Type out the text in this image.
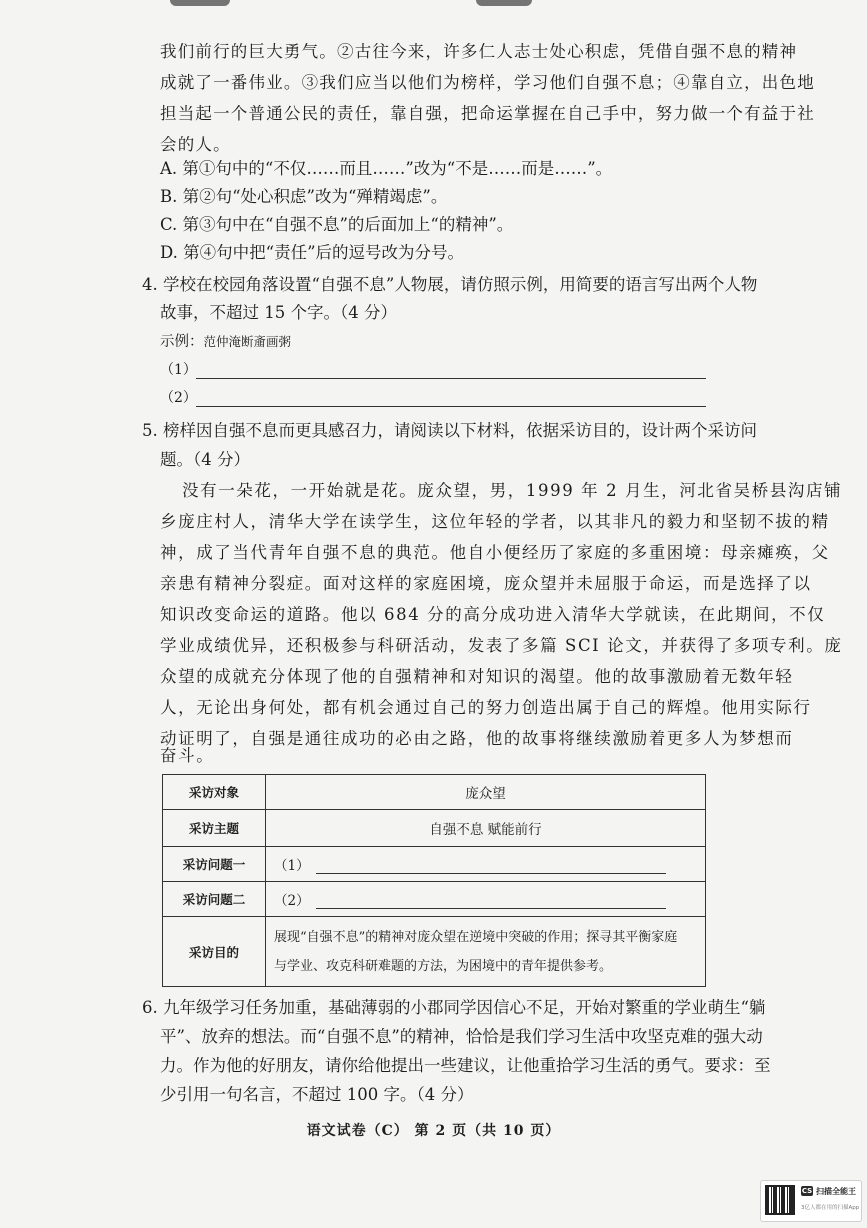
我们前行的巨大勇气。②古往今来，许多仁人志士处心积虑，凭借自强不息的精神
成就了一番伟业。③我们应当以他们为榜样，学习他们自强不息；④靠自立，出色地
担当起一个普通公民的责任，靠自强，把命运掌握在自己手中，努力做一个有益于社
会的人。
A. 第①句中的“不仅……而且……”改为“不是……而是……”。
B. 第②句“处心积虑”改为“殚精竭虑”。
C. 第③句中在“自强不息”的后面加上“的精神”。
D. 第④句中把“责任”后的逗号改为分号。
4. 学校在校园角落设置“自强不息”人物展，请仿照示例，用简要的语言写出两个人物
故事，不超过 15 个字。（4 分）
示例：范仲淹断齑画粥
（1）
（2）
5. 榜样因自强不息而更具感召力，请阅读以下材料，依据采访目的，设计两个采访问
题。（4 分）
没有一朵花，一开始就是花。庞众望，男，1999 年 2 月生，河北省吴桥县沟店铺
乡庞庄村人，清华大学在读学生，这位年轻的学者，以其非凡的毅力和坚韧不拔的精
神，成了当代青年自强不息的典范。他自小便经历了家庭的多重困境：母亲瘫痪，父
亲患有精神分裂症。面对这样的家庭困境，庞众望并未屈服于命运，而是选择了以
知识改变命运的道路。他以 684 分的高分成功进入清华大学就读，在此期间，不仅
学业成绩优异，还积极参与科研活动，发表了多篇 SCI 论文，并获得了多项专利。庞
众望的成就充分体现了他的自强精神和对知识的渴望。他的故事激励着无数年轻
人，无论出身何处，都有机会通过自己的努力创造出属于自己的辉煌。他用实际行
动证明了，自强是通往成功的必由之路，他的故事将继续激励着更多人为梦想而
奋斗。
采访对象	庞众望
采访主题	自强不息 赋能前行
采访问题一	（1）
采访问题二	（2）
采访目的	展现“自强不息”的精神对庞众望在逆境中突破的作用；探寻其平衡家庭
与学业、攻克科研难题的方法，为困境中的青年提供参考。
6. 九年级学习任务加重，基础薄弱的小郡同学因信心不足，开始对繁重的学业萌生“躺
平”、放弃的想法。而“自强不息”的精神，恰恰是我们学习生活中攻坚克难的强大动
力。作为他的好朋友，请你给他提出一些建议，让他重拾学习生活的勇气。要求：至
少引用一句名言，不超过 100 字。（4 分）
语文试卷（C） 第 2 页（共 10 页）
CS 扫描全能王
3亿人都在用的扫描App
